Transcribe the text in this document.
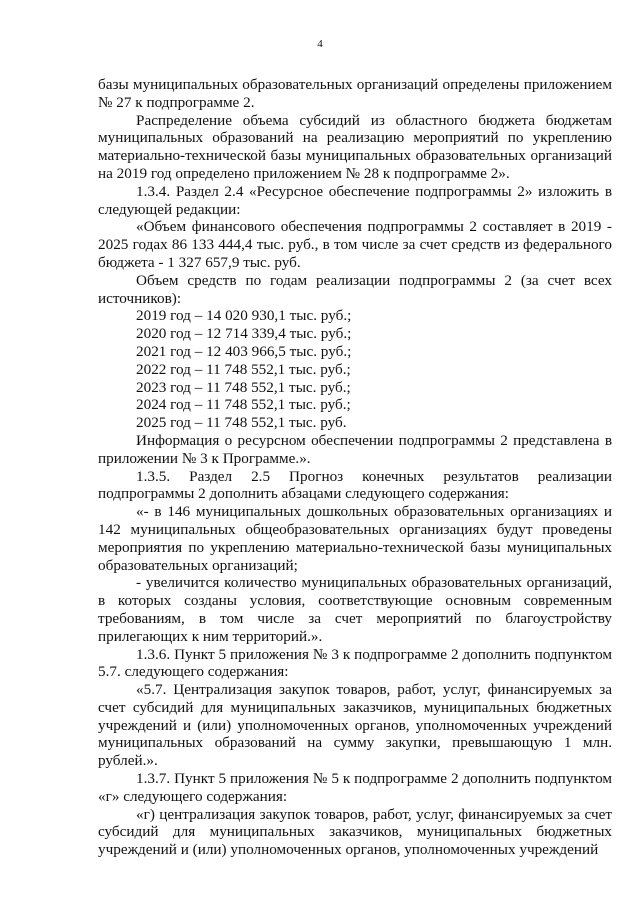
4

базы муниципальных образовательных организаций определены приложением № 27 к подпрограмме 2.

Распределение объема субсидий из областного бюджета бюджетам муниципальных образований на реализацию мероприятий по укреплению материально-технической базы муниципальных образовательных организаций на 2019 год определено приложением № 28 к подпрограмме 2».

1.3.4. Раздел 2.4 «Ресурсное обеспечение подпрограммы 2» изложить в следующей редакции:

«Объем финансового обеспечения подпрограммы 2 составляет в 2019 - 2025 годах 86 133 444,4 тыс. руб., в том числе за счет средств из федерального бюджета - 1 327 657,9 тыс. руб.

Объем средств по годам реализации подпрограммы 2 (за счет всех источников):

2019 год – 14 020 930,1 тыс. руб.;
2020 год – 12 714 339,4 тыс. руб.;
2021 год – 12 403 966,5 тыс. руб.;
2022 год – 11 748 552,1 тыс. руб.;
2023 год – 11 748 552,1 тыс. руб.;
2024 год – 11 748 552,1 тыс. руб.;
2025 год – 11 748 552,1 тыс. руб.

Информация о ресурсном обеспечении подпрограммы 2 представлена в приложении № 3 к Программе.».

1.3.5. Раздел 2.5 Прогноз конечных результатов реализации подпрограммы 2 дополнить абзацами следующего содержания:

«- в 146 муниципальных дошкольных образовательных организациях и 142 муниципальных общеобразовательных организациях будут проведены мероприятия по укреплению материально-технической базы муниципальных образовательных организаций;

- увеличится количество муниципальных образовательных организаций, в которых созданы условия, соответствующие основным современным требованиям, в том числе за счет мероприятий по благоустройству прилегающих к ним территорий.».

1.3.6. Пункт 5 приложения № 3 к подпрограмме 2 дополнить подпунктом 5.7. следующего содержания:

«5.7. Централизация закупок товаров, работ, услуг, финансируемых за счет субсидий для муниципальных заказчиков, муниципальных бюджетных учреждений и (или) уполномоченных органов, уполномоченных учреждений муниципальных образований на сумму закупки, превышающую 1 млн. рублей.».

1.3.7. Пункт 5 приложения № 5 к подпрограмме 2 дополнить подпунктом «г» следующего содержания:

«г) централизация закупок товаров, работ, услуг, финансируемых за счет субсидий для муниципальных заказчиков, муниципальных бюджетных учреждений и (или) уполномоченных органов, уполномоченных учреждений
